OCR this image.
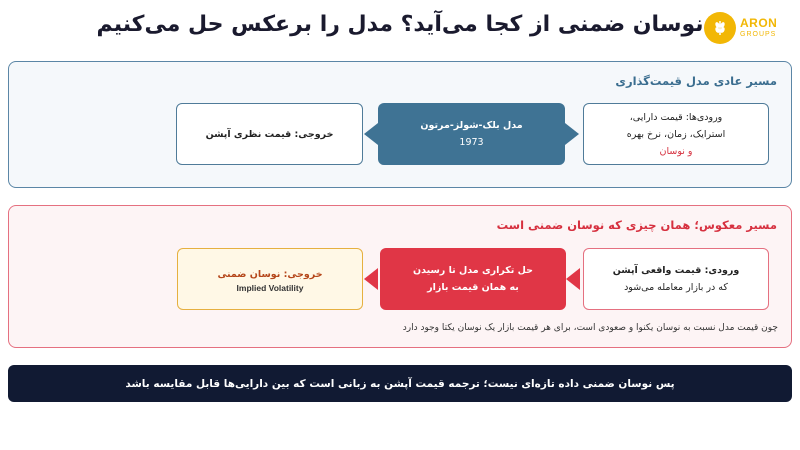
نوسان ضمنی از کجا می‌آید؟ مدل را برعکس حل می‌کنیم	ARON
GROUPS
مسیر عادی مدل قیمت‌گذاری
ورودی‌ها: قیمت دارایی،
استرایک، زمان، نرخ بهره
و نوسان
مدل بلک-شولز-مرتون
1973
خروجی: قیمت نظری آپشن
مسیر معکوس؛ همان چیزی که نوسان ضمنی است
ورودی: قیمت واقعی آپشن
که در بازار معامله می‌شود
حل تکراری مدل تا رسیدن
به همان قیمت بازار
خروجی: نوسان ضمنی
Implied Volatility
چون قیمت مدل نسبت به نوسان یکنوا و صعودی است، برای هر قیمت بازار یک نوسان یکتا وجود دارد
پس نوسان ضمنی داده تازه‌ای نیست؛ ترجمه قیمت آپشن به زبانی است که بین دارایی‌ها قابل مقایسه باشد
